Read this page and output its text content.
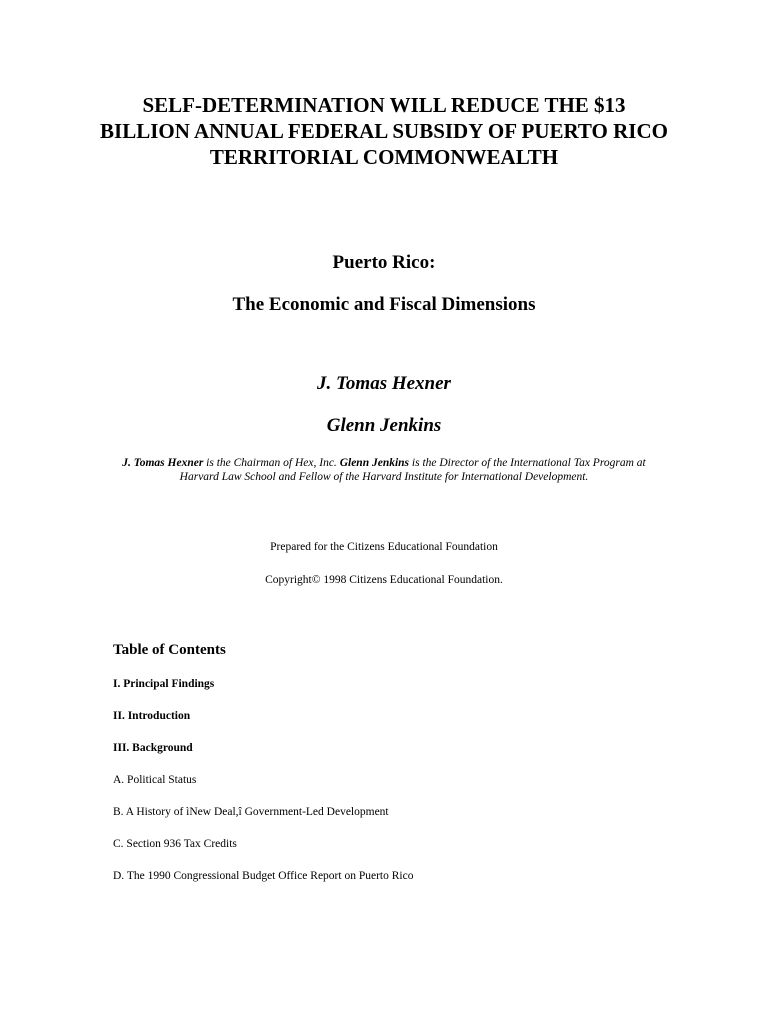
SELF-DETERMINATION WILL REDUCE THE $13 BILLION ANNUAL FEDERAL SUBSIDY OF PUERTO RICO TERRITORIAL COMMONWEALTH
Puerto Rico:
The Economic and Fiscal Dimensions
J. Tomas Hexner
Glenn Jenkins
J. Tomas Hexner is the Chairman of Hex, Inc. Glenn Jenkins is the Director of the International Tax Program at Harvard Law School and Fellow of the Harvard Institute for International Development.
Prepared for the Citizens Educational Foundation
Copyright© 1998 Citizens Educational Foundation.
Table of Contents
I. Principal Findings
II. Introduction
III. Background
A. Political Status
B. A History of ìNew Deal,î Government-Led Development
C. Section 936 Tax Credits
D. The 1990 Congressional Budget Office Report on Puerto Rico
